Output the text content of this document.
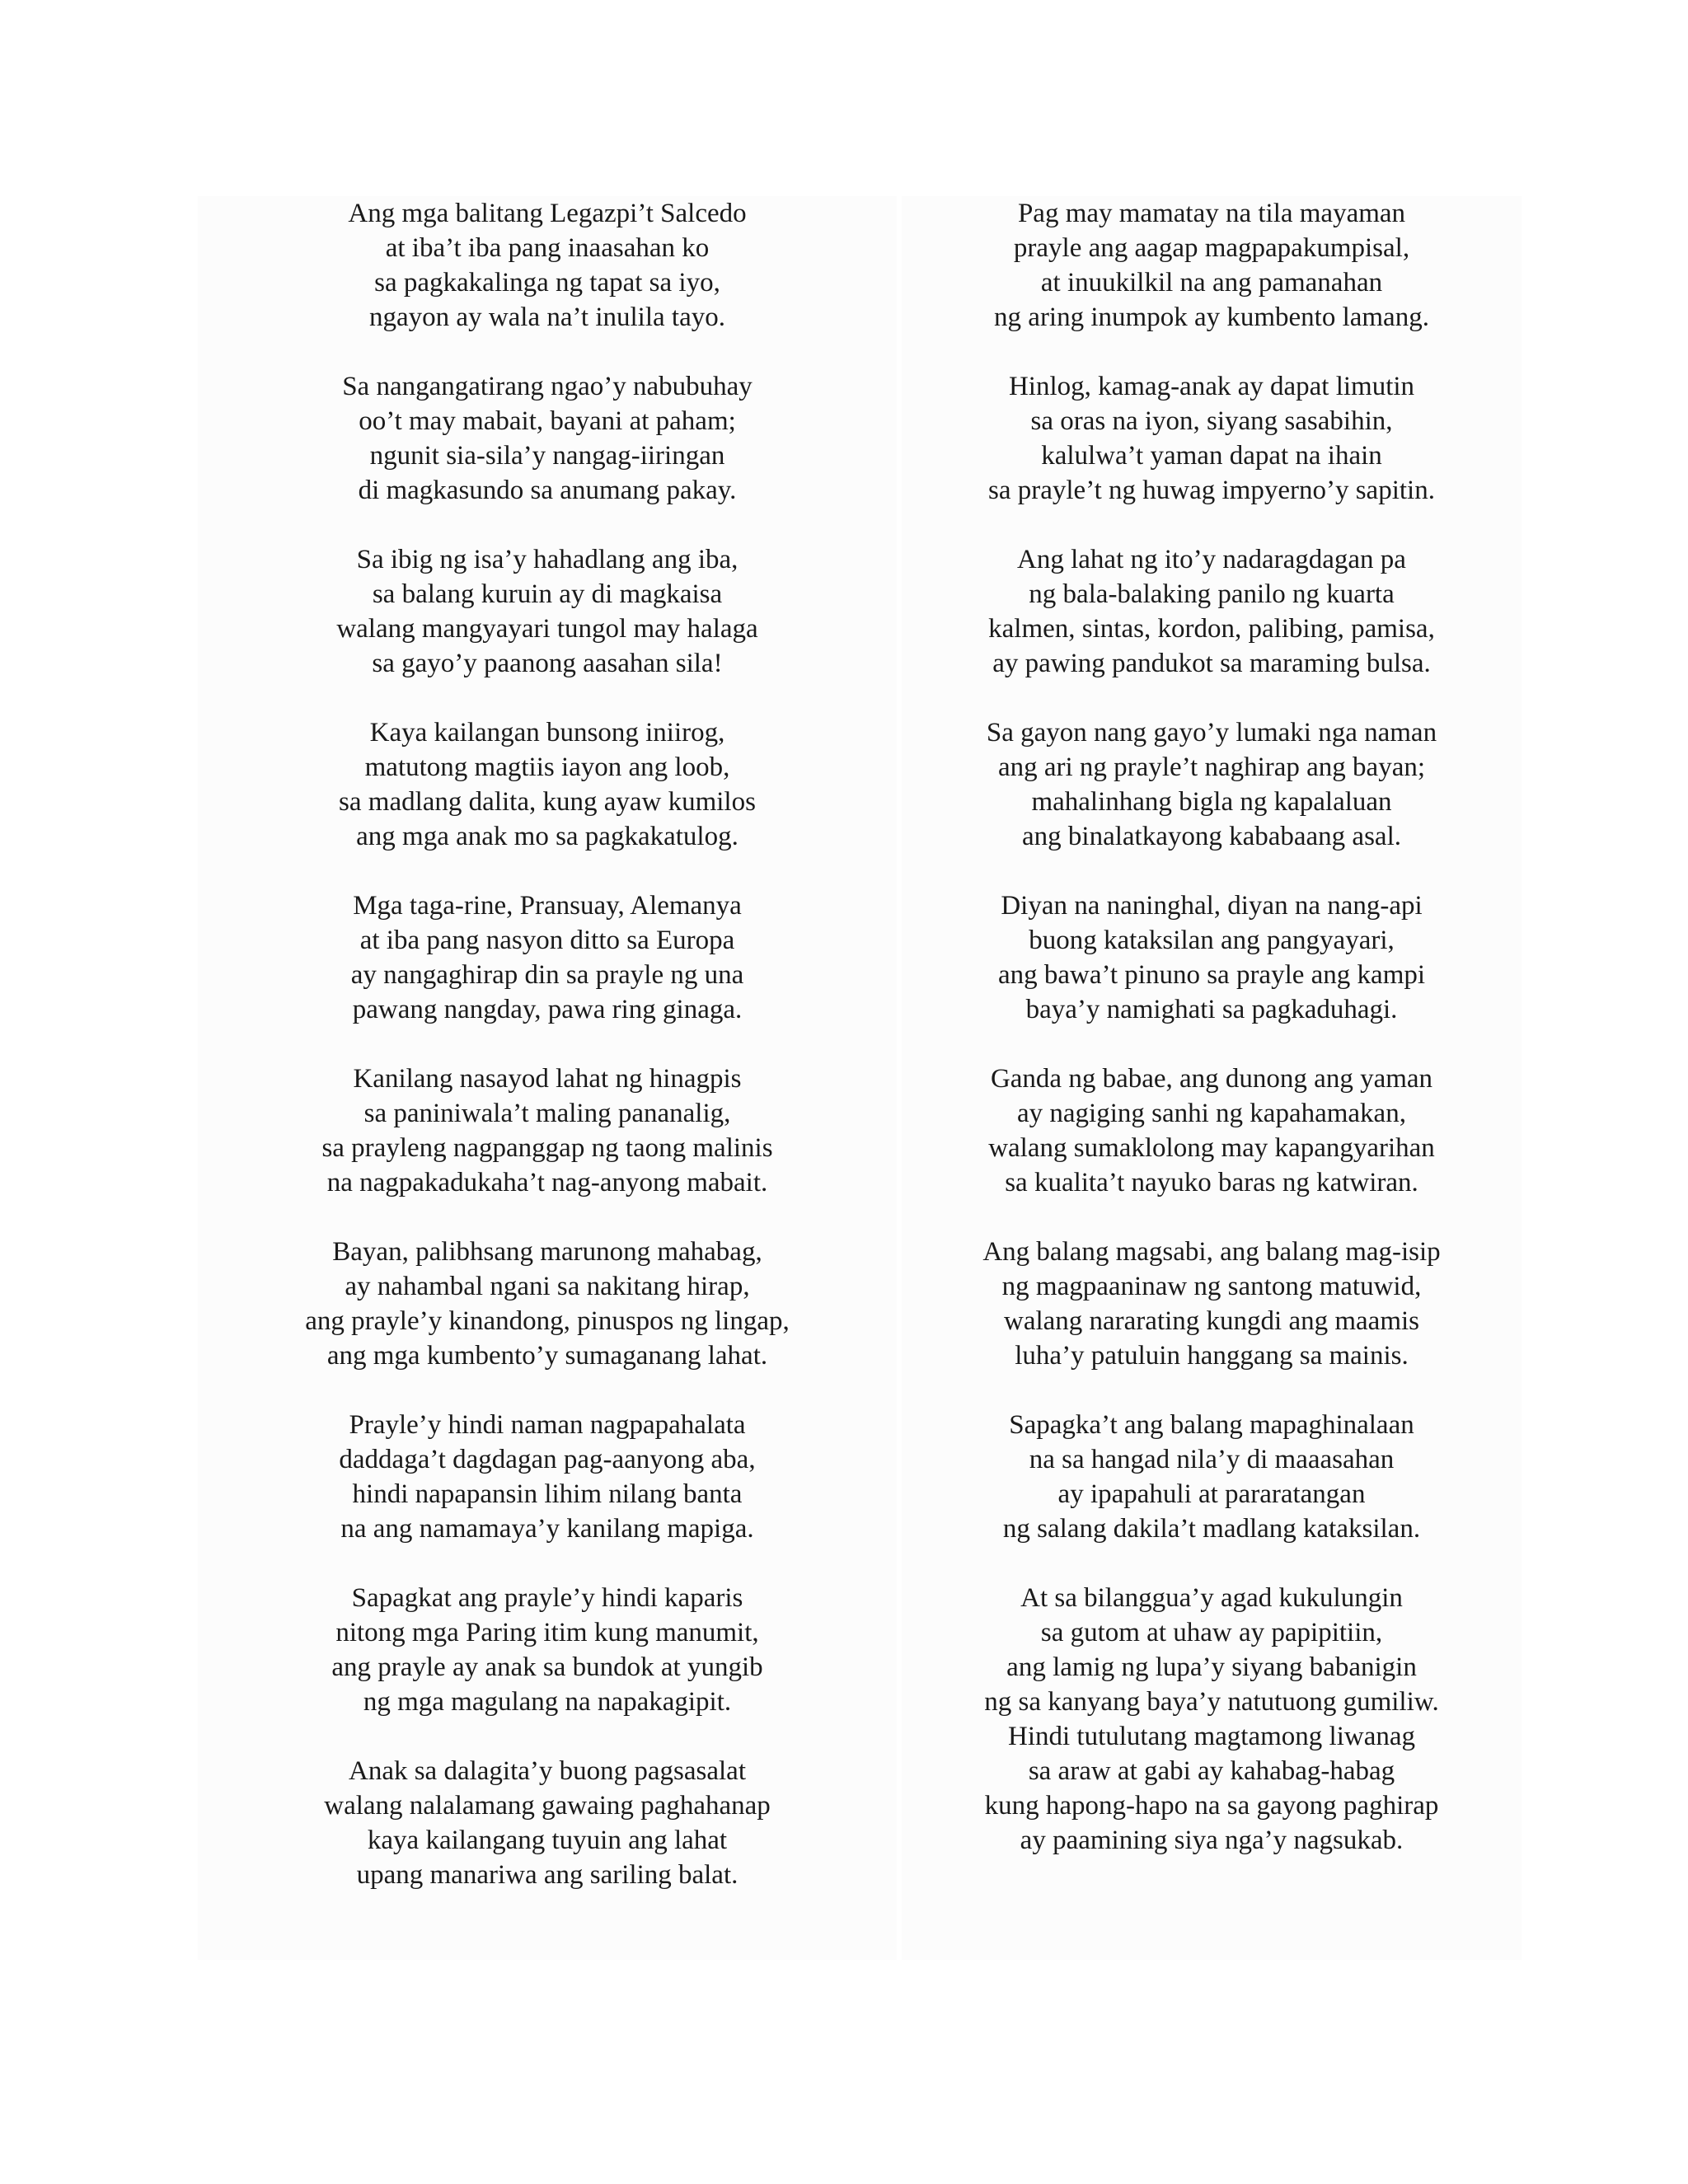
Ang mga balitang Legazpi’t Salcedo
at iba’t iba pang inaasahan ko
sa pagkakalinga ng tapat sa iyo,
ngayon ay wala na’t inulila tayo.
Sa nangangatirang ngao’y nabubuhay
oo’t may mabait, bayani at paham;
ngunit sia-sila’y nangag-iiringan
di magkasundo sa anumang pakay.
Sa ibig ng isa’y hahadlang ang iba,
sa balang kuruin ay di magkaisa
walang mangyayari tungol may halaga
sa gayo’y paanong aasahan sila!
Kaya kailangan bunsong iniirog,
matutong magtiis iayon ang loob,
sa madlang dalita, kung ayaw kumilos
ang mga anak mo sa pagkakatulog.
Mga taga-rine, Pransuay, Alemanya
at iba pang nasyon ditto sa Europa
ay nangaghirap din sa prayle ng una
pawang nangday, pawa ring ginaga.
Kanilang nasayod lahat ng hinagpis
sa paniniwala’t maling pananalig,
sa prayleng nagpanggap ng taong malinis
na nagpakadukaha’t nag-anyong mabait.
Bayan, palibhsang marunong mahabag,
ay nahambal ngani sa nakitang hirap,
ang prayle’y kinandong, pinuspos ng lingap,
ang mga kumbento’y sumaganang lahat.
Prayle’y hindi naman nagpapahalata
daddaga’t dagdagan pag-aanyong aba,
hindi napapansin lihim nilang banta
na ang namamaya’y kanilang mapiga.
Sapagkat ang prayle’y hindi kaparis
nitong mga Paring itim kung manumit,
ang prayle ay anak sa bundok at yungib
ng mga magulang na napakagipit.
Anak sa dalagita’y buong pagsasalat
walang nalalamang gawaing paghahanap
kaya kailangang tuyuin ang lahat
upang manariwa ang sariling balat.
Pag may mamatay na tila mayaman
prayle ang aagap magpapakumpisal,
at inuukilkil na ang pamanahan
ng aring inumpok ay kumbento lamang.
Hinlog, kamag-anak ay dapat limutin
sa oras na iyon, siyang sasabihin,
kalulwa’t yaman dapat na ihain
sa prayle’t ng huwag impyerno’y sapitin.
Ang lahat ng ito’y nadaragdagan pa
ng bala-balaking panilo ng kuarta
kalmen, sintas, kordon, palibing, pamisa,
ay pawing pandukot sa maraming bulsa.
Sa gayon nang gayo’y lumaki nga naman
ang ari ng prayle’t naghirap ang bayan;
mahalinhang bigla ng kapalaluan
ang binalatkayong kababaang asal.
Diyan na naninghal, diyan na nang-api
buong kataksilan ang pangyayari,
ang bawa’t pinuno sa prayle ang kampi
baya’y namighati sa pagkaduhagi.
Ganda ng babae, ang dunong ang yaman
ay nagiging sanhi ng kapahamakan,
walang sumaklolong may kapangyarihan
sa kualita’t nayuko baras ng katwiran.
Ang balang magsabi, ang balang mag-isip
ng magpaaninaw ng santong matuwid,
walang nararating kungdi ang maamis
luha’y patuluin hanggang sa mainis.
Sapagka’t ang balang mapaghinalaan
na sa hangad nila’y di maaasahan
ay ipapahuli at pararatangan
ng salang dakila’t madlang kataksilan.
At sa bilanggua’y agad kukulungin
sa gutom at uhaw ay papipitiin,
ang lamig ng lupa’y siyang babanigin
ng sa kanyang baya’y natutuong gumiliw.
Hindi tutulutang magtamong liwanag
sa araw at gabi ay kahabag-habag
kung hapong-hapo na sa gayong paghirap
ay paamining siya nga’y nagsukab.
